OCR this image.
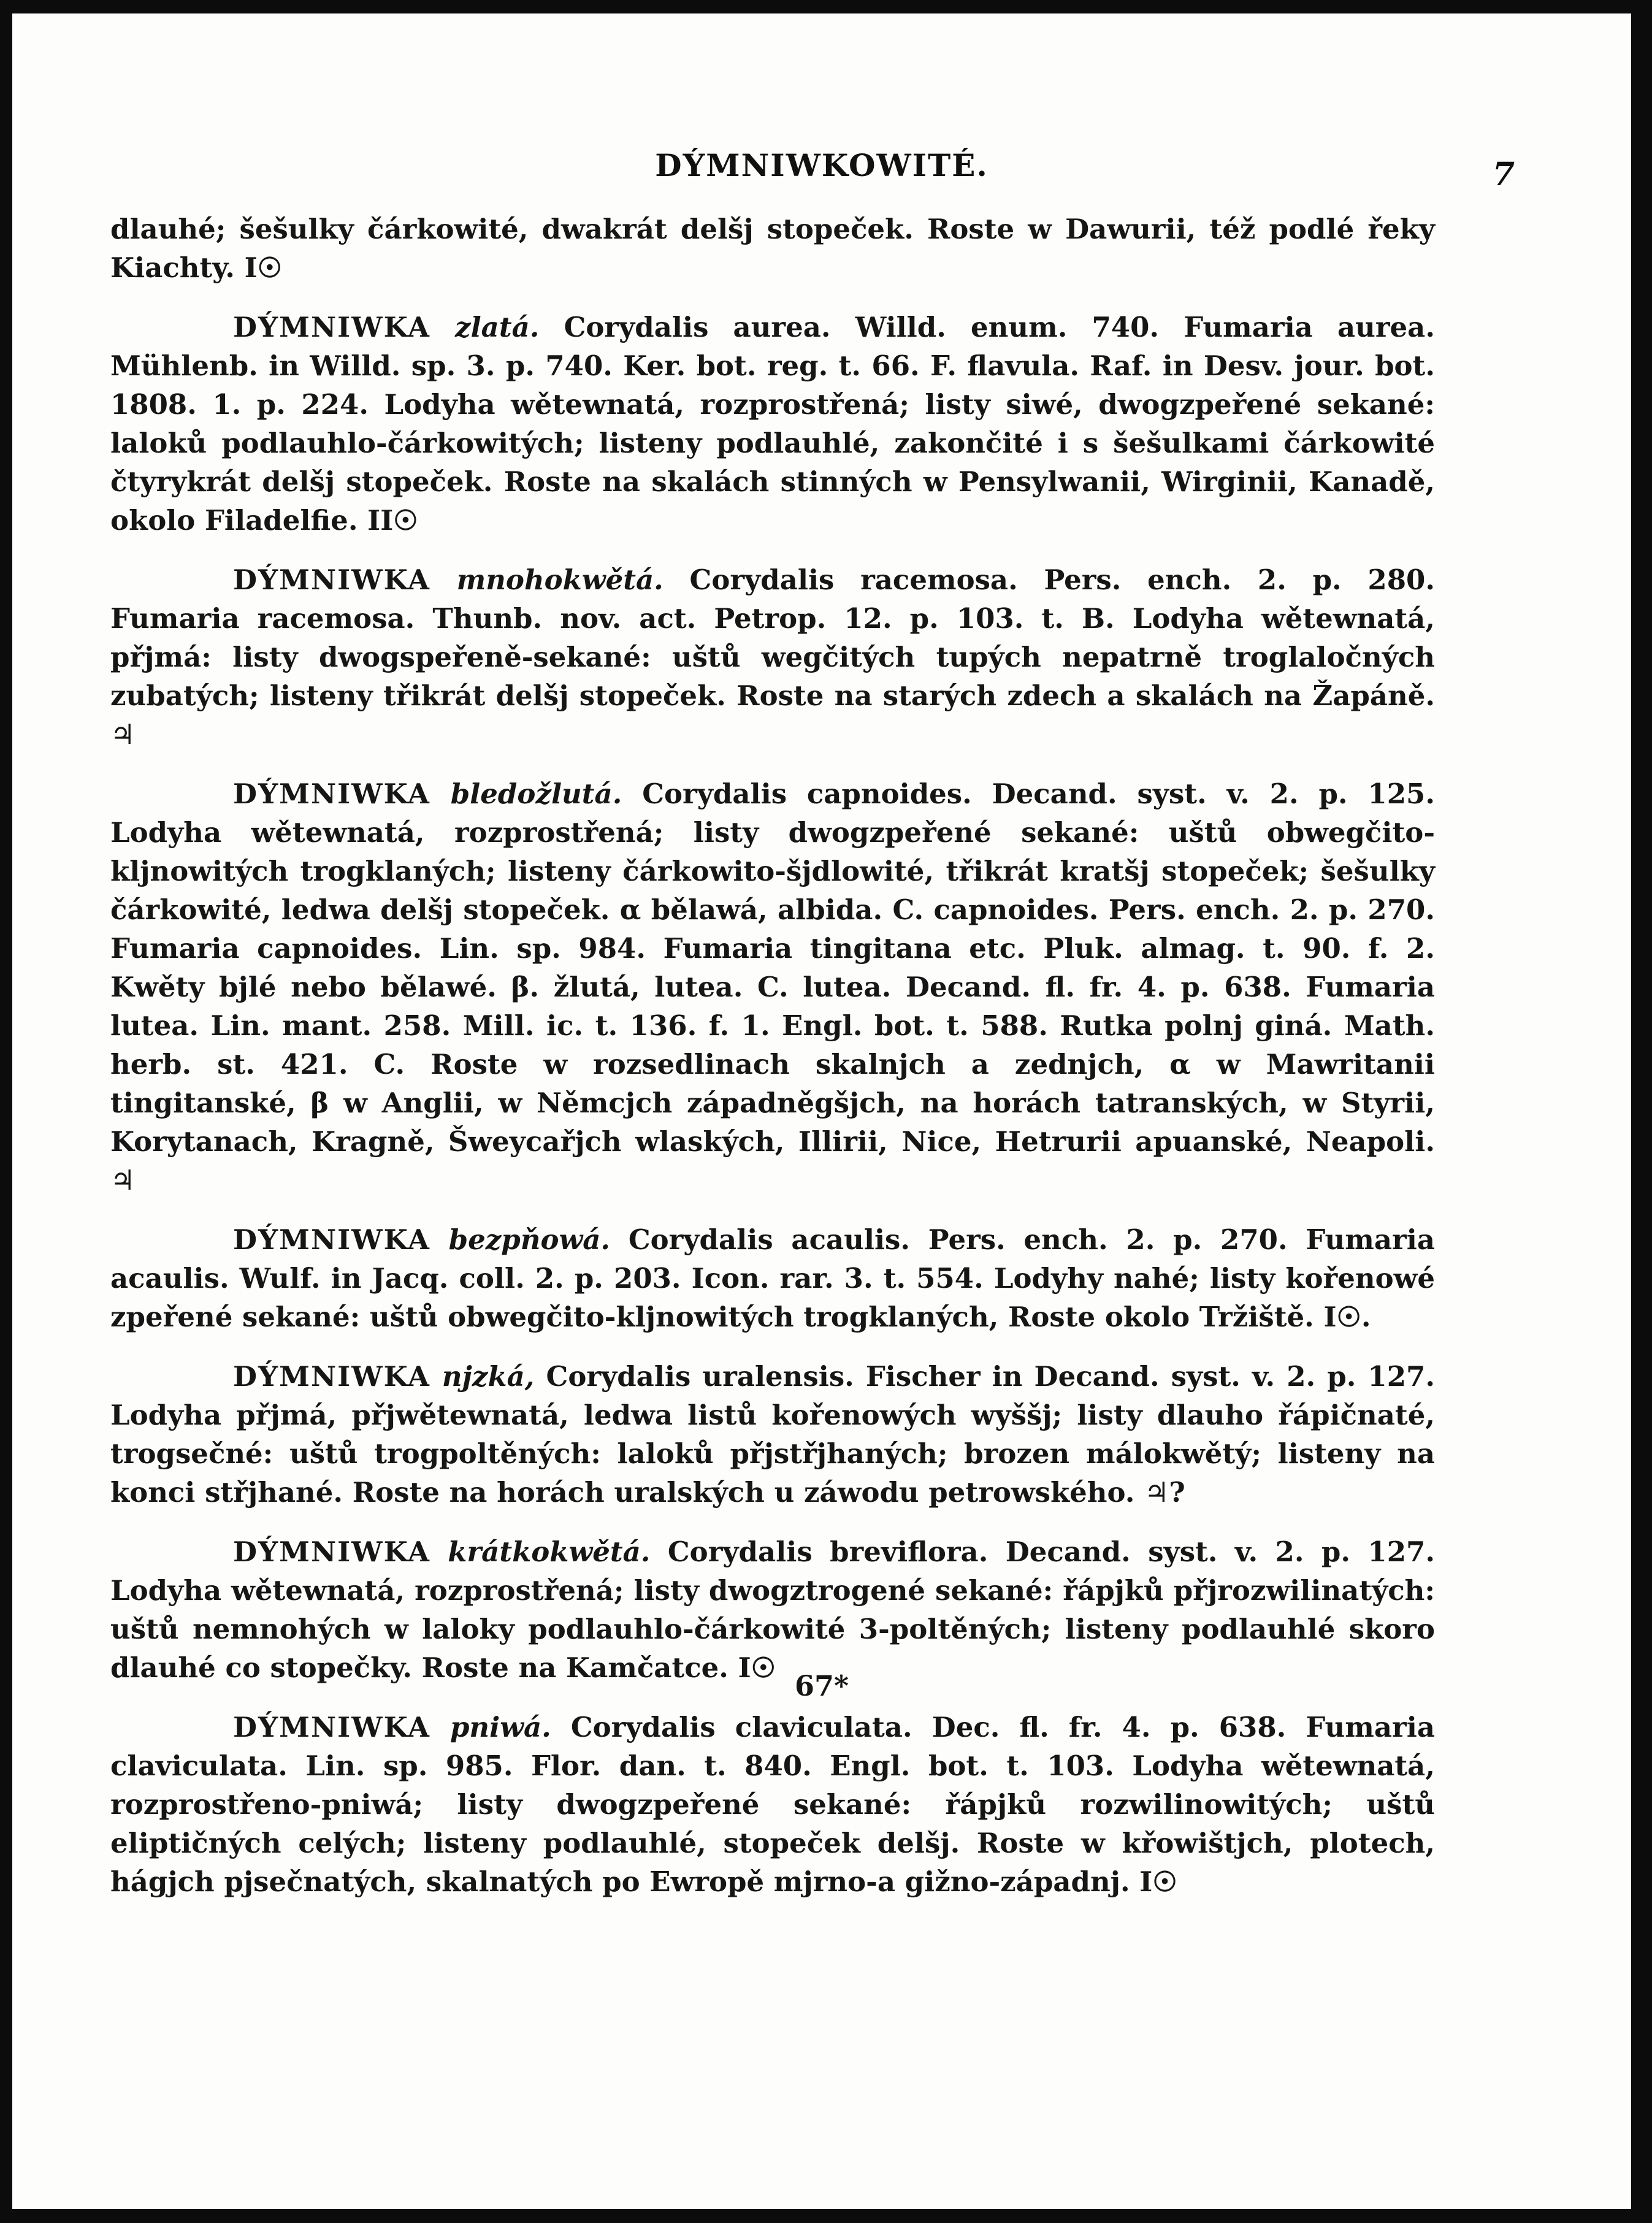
DÝMNIWKOWITÉ.	7

dlauhé; šešulky čárkowité, dwakrát delšj stopeček. Roste w Dawurii, též podlé řeky Kiachty. I☉

DÝMNIWKA zlatá. Corydalis aurea. Willd. enum. 740. Fumaria aurea. Mühlenb. in Willd. sp. 3. p. 740. Ker. bot. reg. t. 66. F. flavula. Raf. in Desv. jour. bot. 1808. 1. p. 224. Lodyha wětewnatá, rozprostřená; listy siwé, dwogzpeřené sekané: laloků podlauhlo-čárkowitých; listeny podlauhlé, zakončité i s šešulkami čárkowité čtyrykrát delšj stopeček. Roste na skalách stinných w Pensylwanii, Wirginii, Kanadě, okolo Filadelfie. II☉

DÝMNIWKA mnohokwětá. Corydalis racemosa. Pers. ench. 2. p. 280. Fumaria racemosa. Thunb. nov. act. Petrop. 12. p. 103. t. B. Lodyha wětewnatá, přjmá: listy dwogspeřeně-sekané: uštů wegčitých tupých nepatrně troglaločných zubatých; listeny třikrát delšj stopeček. Roste na starých zdech a skalách na Žapáně. ♃

DÝMNIWKA bledožlutá. Corydalis capnoides. Decand. syst. v. 2. p. 125. Lodyha wětewnatá, rozprostřená; listy dwogzpeřené sekané: uštů obwegčito-kljnowitých trogklaných; listeny čárkowito-šjdlowité, třikrát kratšj stopeček; šešulky čárkowité, ledwa delšj stopeček. α bělawá, albida. C. capnoides. Pers. ench. 2. p. 270. Fumaria capnoides. Lin. sp. 984. Fumaria tingitana etc. Pluk. almag. t. 90. f. 2. Kwěty bjlé nebo bělawé. β. žlutá, lutea. C. lutea. Decand. fl. fr. 4. p. 638. Fumaria lutea. Lin. mant. 258. Mill. ic. t. 136. f. 1. Engl. bot. t. 588. Rutka polnj giná. Math. herb. st. 421. C. Roste w rozsedlinach skalnjch a zednjch, α w Mawritanii tingitanské, β w Anglii, w Němcjch západněgšjch, na horách tatranských, w Styrii, Korytanach, Kragně, Šweycařjch wlaských, Illirii, Nice, Hetrurii apuanské, Neapoli. ♃

DÝMNIWKA bezpňowá. Corydalis acaulis. Pers. ench. 2. p. 270. Fumaria acaulis. Wulf. in Jacq. coll. 2. p. 203. Icon. rar. 3. t. 554. Lodyhy nahé; listy kořenowé zpeřené sekané: uštů obwegčito-kljnowitých trogklaných, Roste okolo Tržiště. I☉.

DÝMNIWKA njzká, Corydalis uralensis. Fischer in Decand. syst. v. 2. p. 127. Lodyha přjmá, přjwětewnatá, ledwa listů kořenowých wyššj; listy dlauho řápičnaté, trogsečné: uštů trogpoltěných: laloků přjstřjhaných; brozen málokwětý; listeny na konci střjhané. Roste na horách uralských u záwodu petrowského. ♃?

DÝMNIWKA krátkokwětá. Corydalis breviflora. Decand. syst. v. 2. p. 127. Lodyha wětewnatá, rozprostřená; listy dwogztrogené sekané: řápjků přjrozwilinatých: uštů nemnohých w laloky podlauhlo-čárkowité 3-poltěných; listeny podlauhlé skoro dlauhé co stopečky. Roste na Kamčatce. I☉

DÝMNIWKA pniwá. Corydalis claviculata. Dec. fl. fr. 4. p. 638. Fumaria claviculata. Lin. sp. 985. Flor. dan. t. 840. Engl. bot. t. 103. Lodyha wětewnatá, rozprostřeno-pniwá; listy dwogzpeřené sekané: řápjků rozwilinowitých; uštů eliptičných celých; listeny podlauhlé, stopeček delšj. Roste w křowištjch, plotech, hágjch pjsečnatých, skalnatých po Ewropě mjrno-a gižno-západnj. I☉

67*
